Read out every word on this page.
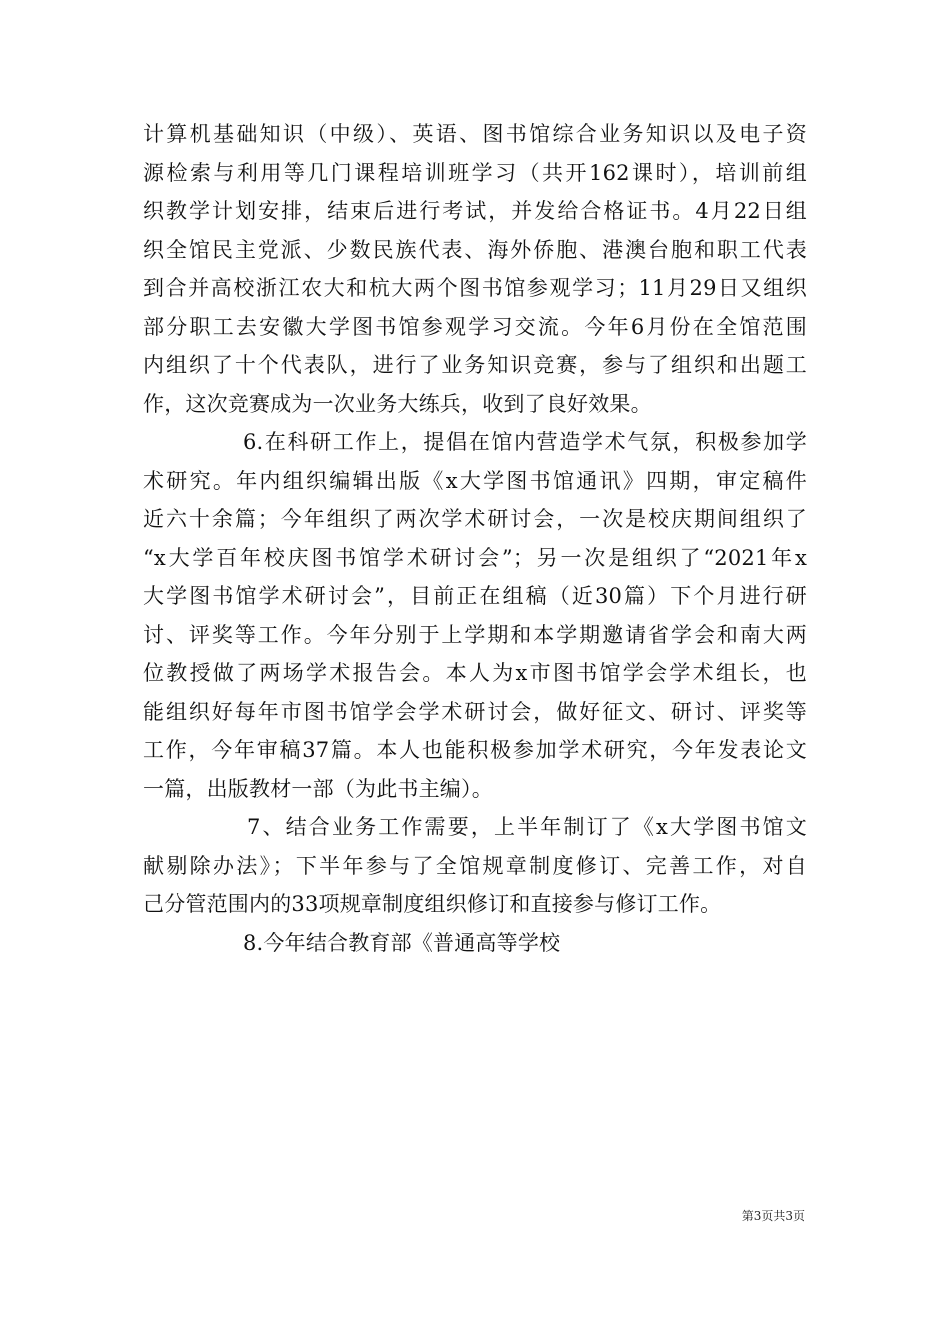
计算机基础知识（中级）、英语、图书馆综合业务知识以及电子资
源检索与利用等几门课程培训班学习（共开162课时），培训前组
织教学计划安排，结束后进行考试，并发给合格证书。4月22日组
织全馆民主党派、少数民族代表、海外侨胞、港澳台胞和职工代表
到合并高校浙江农大和杭大两个图书馆参观学习；11月29日又组织
部分职工去安徽大学图书馆参观学习交流。今年6月份在全馆范围
内组织了十个代表队，进行了业务知识竞赛，参与了组织和出题工
作，这次竞赛成为一次业务大练兵，收到了良好效果。
6.在科研工作上，提倡在馆内营造学术气氛，积极参加学
术研究。年内组织编辑出版《x大学图书馆通讯》四期，审定稿件
近六十余篇；今年组织了两次学术研讨会，一次是校庆期间组织了
“x大学百年校庆图书馆学术研讨会”；另一次是组织了“2021年x
大学图书馆学术研讨会”，目前正在组稿（近30篇）下个月进行研
讨、评奖等工作。今年分别于上学期和本学期邀请省学会和南大两
位教授做了两场学术报告会。本人为x市图书馆学会学术组长，也
能组织好每年市图书馆学会学术研讨会，做好征文、研讨、评奖等
工作，今年审稿37篇。本人也能积极参加学术研究，今年发表论文
一篇，出版教材一部（为此书主编）。
7、结合业务工作需要，上半年制订了《x大学图书馆文
献剔除办法》；下半年参与了全馆规章制度修订、完善工作，对自
己分管范围内的33项规章制度组织修订和直接参与修订工作。
8.今年结合教育部《普通高等学校
第3页共3页
